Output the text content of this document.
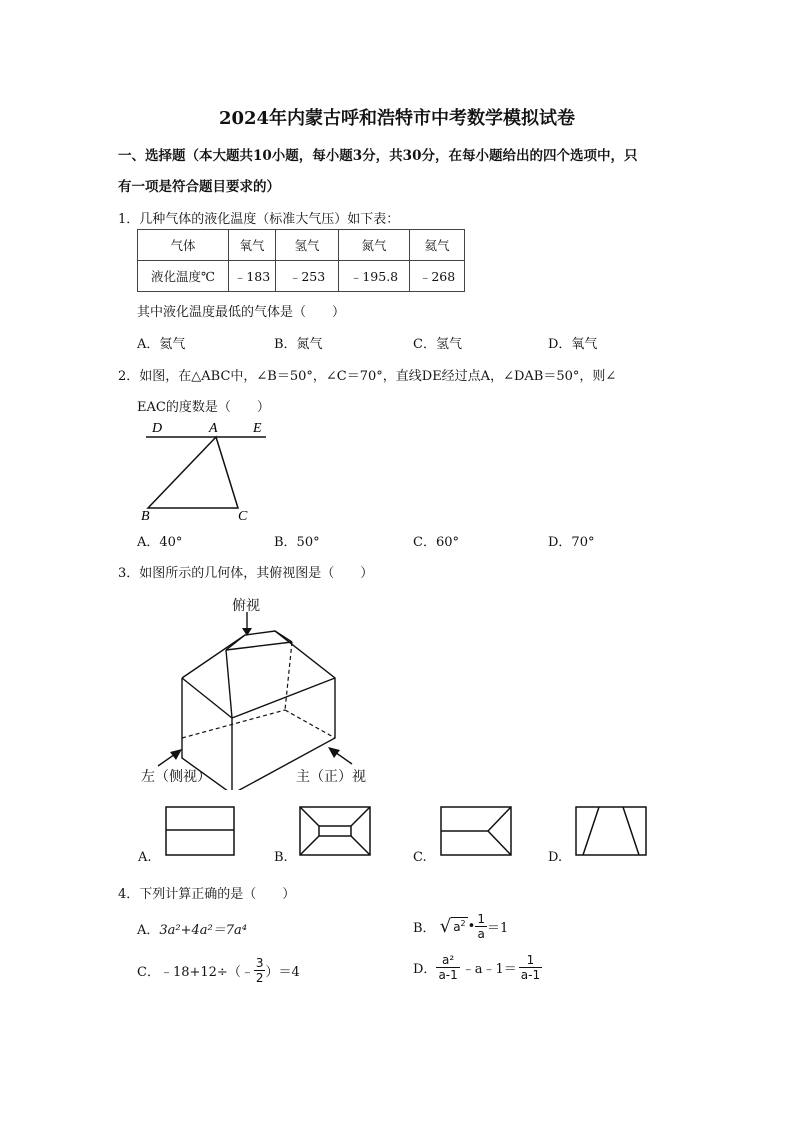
2024年内蒙古呼和浩特市中考数学模拟试卷
一、选择题（本大题共10小题，每小题3分，共30分，在每小题给出的四个选项中，只
有一项是符合题目要求的）
1．几种气体的液化温度（标准大气压）如下表：
气体	氧气	氢气	氮气	氦气
液化温度℃	﹣183	﹣253	﹣195.8	﹣268
其中液化温度最低的气体是（　　）
A．氦气	B．氮气	C．氢气	D．氧气
2．如图，在△ABC中，∠B＝50°，∠C＝70°，直线DE经过点A，∠DAB＝50°，则∠
EAC的度数是（　　）
D	A	E
B	C
A．40°	B．50°	C．60°	D．70°
3．如图所示的几何体，其俯视图是（　　）
俯视
左（侧视）	主（正）视
A.	B.	C.	D.
4．下列计算正确的是（　　）
A．3a²+4a²＝7a⁴	B． √ $a^2$ • $\frac{1}{a} =1$
C．﹣18+12÷（﹣ $\frac{3}{2} )=4$	D． $\frac{\text{a²}}{a-1}$ ﹣a﹣1＝ $\frac{1}{a-1}$
